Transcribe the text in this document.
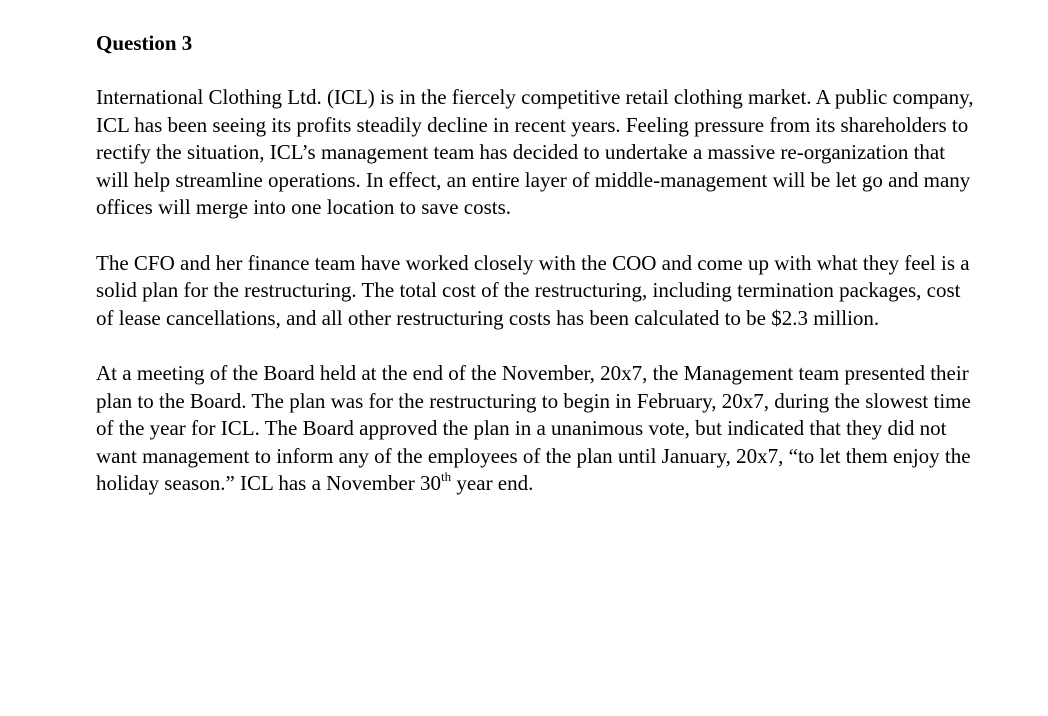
Question 3
International Clothing Ltd. (ICL) is in the fiercely competitive retail clothing market. A public company, ICL has been seeing its profits steadily decline in recent years. Feeling pressure from its shareholders to rectify the situation, ICL’s management team has decided to undertake a massive re-organization that will help streamline operations. In effect, an entire layer of middle-management will be let go and many offices will merge into one location to save costs.
The CFO and her finance team have worked closely with the COO and come up with what they feel is a solid plan for the restructuring. The total cost of the restructuring, including termination packages, cost of lease cancellations, and all other restructuring costs has been calculated to be $2.3 million.
At a meeting of the Board held at the end of the November, 20x7, the Management team presented their plan to the Board. The plan was for the restructuring to begin in February, 20x7, during the slowest time of the year for ICL. The Board approved the plan in a unanimous vote, but indicated that they did not want management to inform any of the employees of the plan until January, 20x7, “to let them enjoy the holiday season.” ICL has a November 30th year end.
